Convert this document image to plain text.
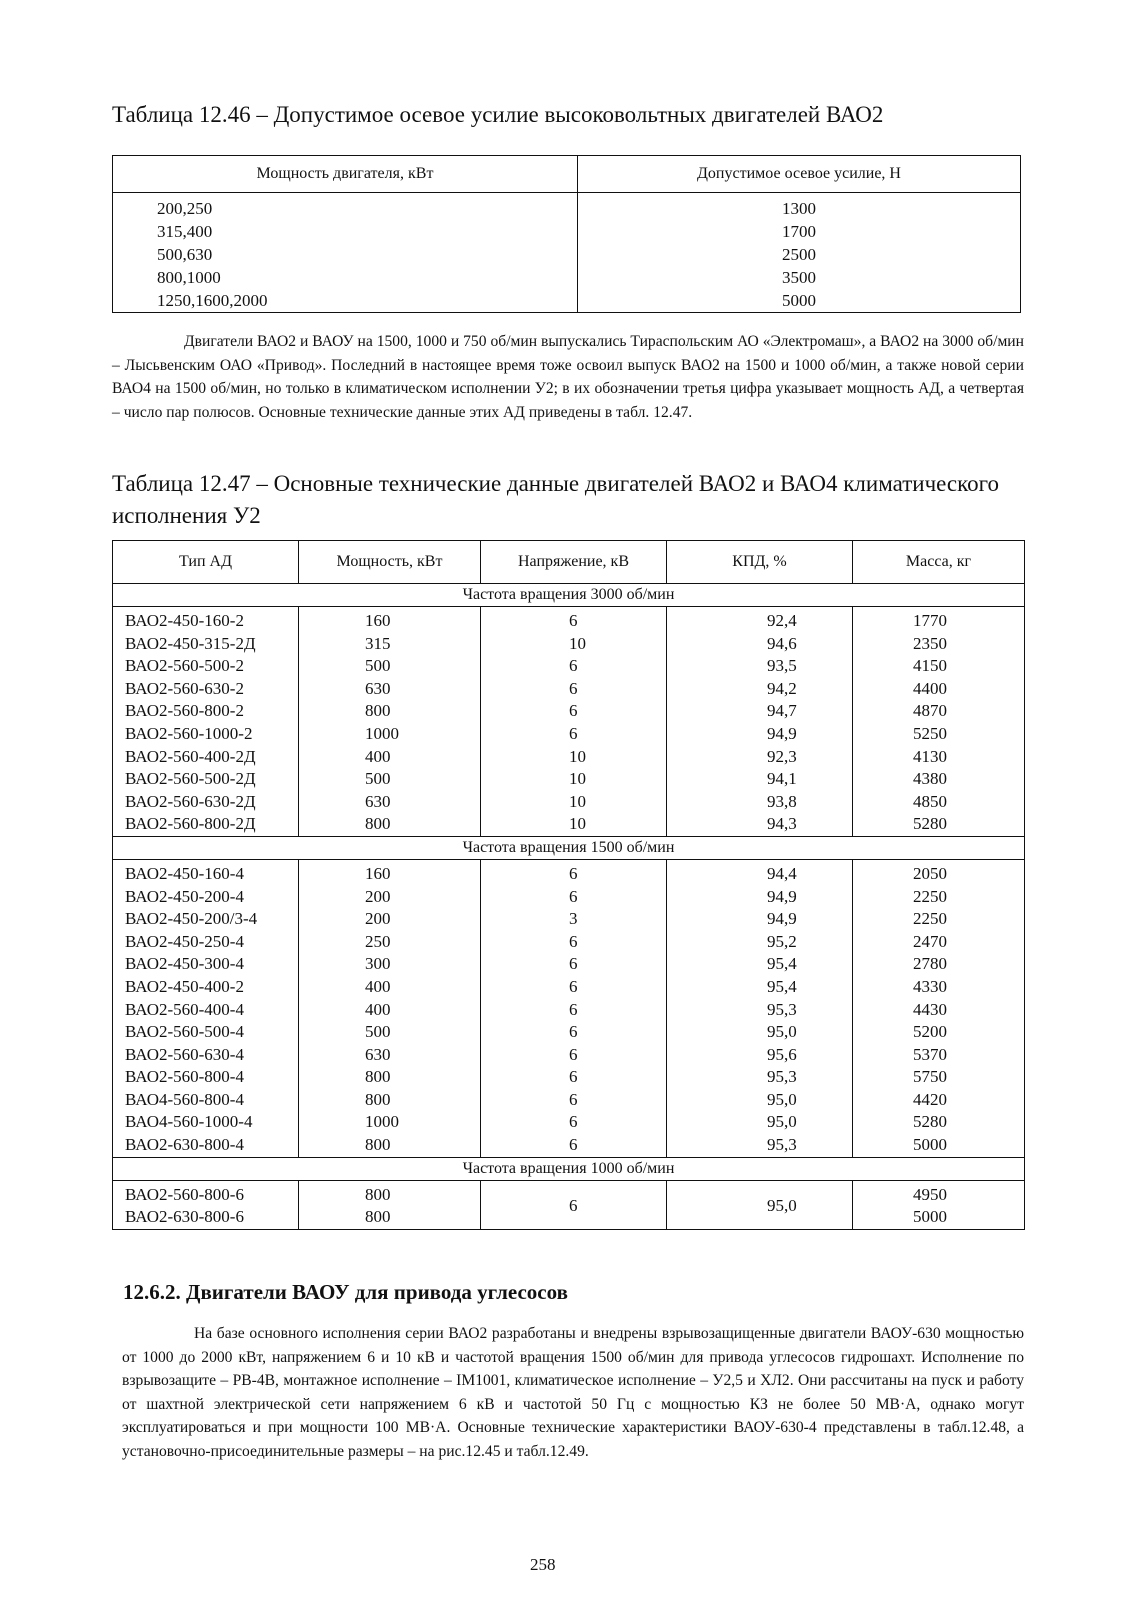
Таблица 12.46 – Допустимое осевое усилие высоковольтных двигателей ВАО2
Мощность двигателя, кВт	Допустимое осевое усилие, Н
200,250	1300
315,400	1700
500,630	2500
800,1000	3500
1250,1600,2000	5000

Двигатели ВАО2 и ВАОУ на 1500, 1000 и 750 об/мин выпускались Тираспольским АО «Электромаш», а ВАО2 на 3000 об/мин – Лысьвенским ОАО «Привод». Последний в настоящее время тоже освоил выпуск ВАО2 на 1500 и 1000 об/мин, а также новой серии ВАО4 на 1500 об/мин, но только в климатическом исполнении У2; в их обозначении третья цифра указывает мощность АД, а четвертая – число пар полюсов. Основные технические данные этих АД приведены в табл. 12.47.

Таблица 12.47 – Основные технические данные двигателей ВАО2 и ВАО4 климатического исполнения У2
Тип АД	Мощность, кВт	Напряжение, кВ	КПД, %	Масса, кг
Частота вращения 3000 об/мин				
ВАО2-450-160-2	160	6	92,4	1770
ВАО2-450-315-2Д	315	10	94,6	2350
ВАО2-560-500-2	500	6	93,5	4150
ВАО2-560-630-2	630	6	94,2	4400
ВАО2-560-800-2	800	6	94,7	4870
ВАО2-560-1000-2	1000	6	94,9	5250
ВАО2-560-400-2Д	400	10	92,3	4130
ВАО2-560-500-2Д	500	10	94,1	4380
ВАО2-560-630-2Д	630	10	93,8	4850
ВАО2-560-800-2Д	800	10	94,3	5280
Частота вращения 1500 об/мин				
ВАО2-450-160-4	160	6	94,4	2050
ВАО2-450-200-4	200	6	94,9	2250
ВАО2-450-200/3-4	200	3	94,9	2250
ВАО2-450-250-4	250	6	95,2	2470
ВАО2-450-300-4	300	6	95,4	2780
ВАО2-450-400-2	400	6	95,4	4330
ВАО2-560-400-4	400	6	95,3	4430
ВАО2-560-500-4	500	6	95,0	5200
ВАО2-560-630-4	630	6	95,6	5370
ВАО2-560-800-4	800	6	95,3	5750
ВАО4-560-800-4	800	6	95,0	4420
ВАО4-560-1000-4	1000	6	95,0	5280
ВАО2-630-800-4	800	6	95,3	5000
Частота вращения 1000 об/мин				
ВАО2-560-800-6	800	6	95,0	4950
ВАО2-630-800-6	800			5000
12.6.2. Двигатели ВАОУ для привода углесосов

На базе основного исполнения серии ВАО2 разработаны и внедрены взрывозащищенные двигатели ВАОУ-630 мощностью от 1000 до 2000 кВт, напряжением 6 и 10 кВ и частотой вращения 1500 об/мин для привода углесосов гидрошахт. Исполнение по взрывозащите – РВ-4В, монтажное исполнение – IM1001, климатическое исполнение – У2,5 и ХЛ2. Они рассчитаны на пуск и работу от шахтной электрической сети напряжением 6 кВ и частотой 50 Гц с мощностью КЗ не более 50 МВ·А, однако могут эксплуатироваться и при мощности 100 МВ·А. Основные технические характеристики ВАОУ-630-4 представлены в табл.12.48, а установочно-присоединительные размеры – на рис.12.45 и табл.12.49.

258
